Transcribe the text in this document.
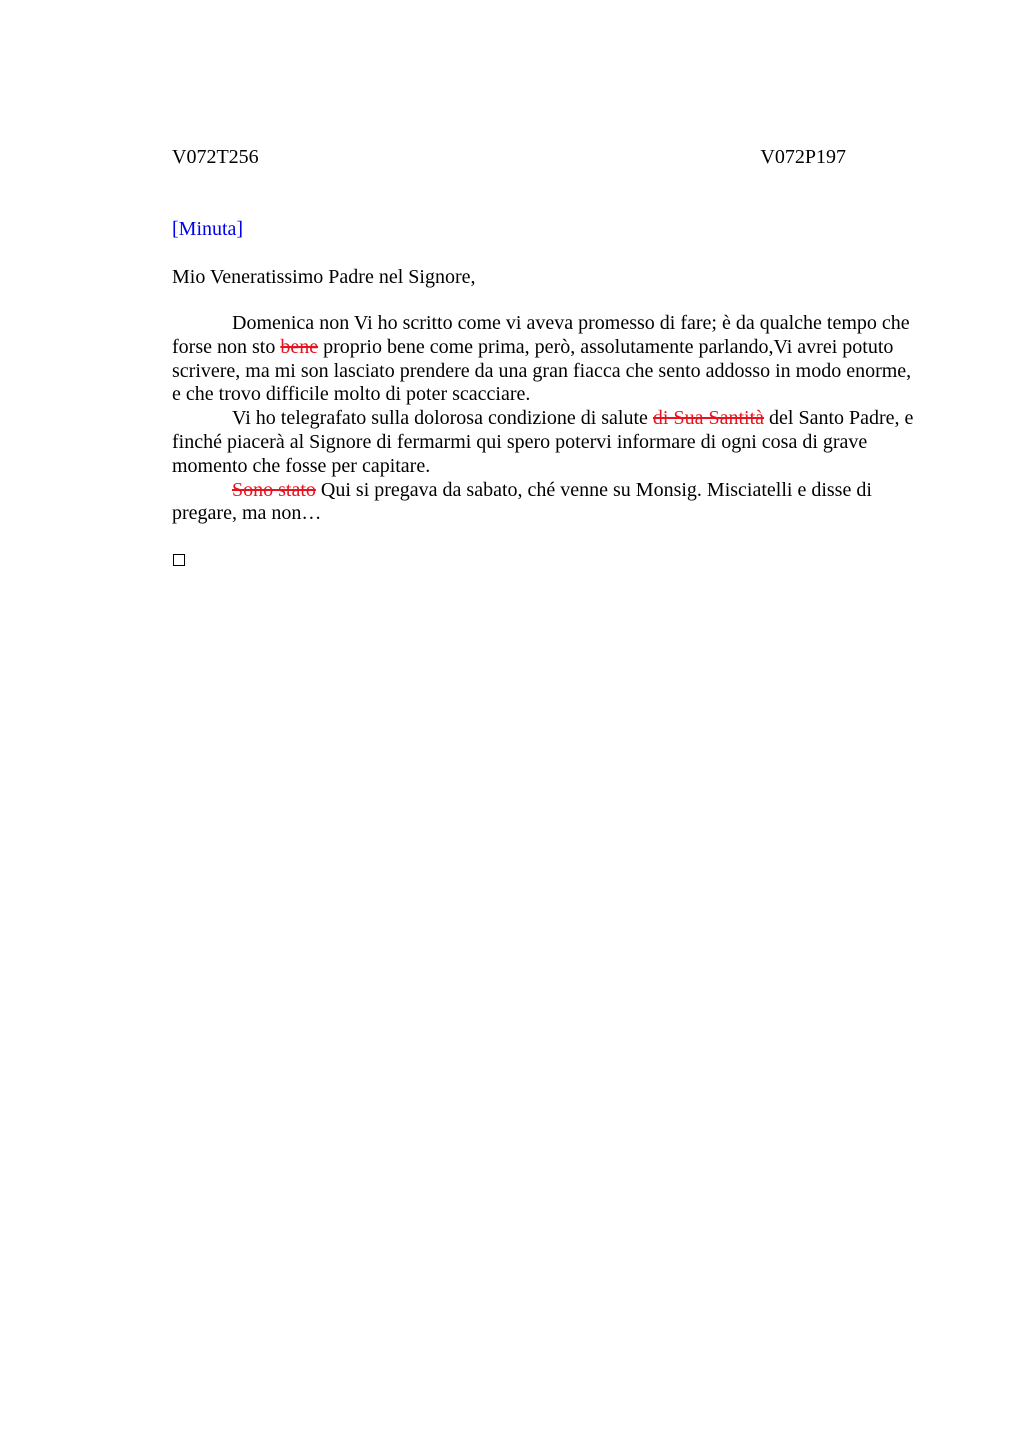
V072T256	V072P197
[Minuta]
Mio Veneratissimo Padre nel Signore,

Domenica non Vi ho scritto come vi aveva promesso di fare; è da qualche tempo che forse non sto bene proprio bene come prima, però, assolutamente parlando,Vi avrei potuto scrivere, ma mi son lasciato prendere da una gran fiacca che sento addosso in modo enorme, e che trovo difficile molto di poter scacciare.

Vi ho telegrafato sulla dolorosa condizione di salute di Sua Santità del Santo Padre, e finché piacerà al Signore di fermarmi qui spero potervi informare di ogni cosa di grave momento che fosse per capitare.

Sono stato Qui si pregava da sabato, ché venne su Monsig. Misciatelli e disse di pregare, ma non…
